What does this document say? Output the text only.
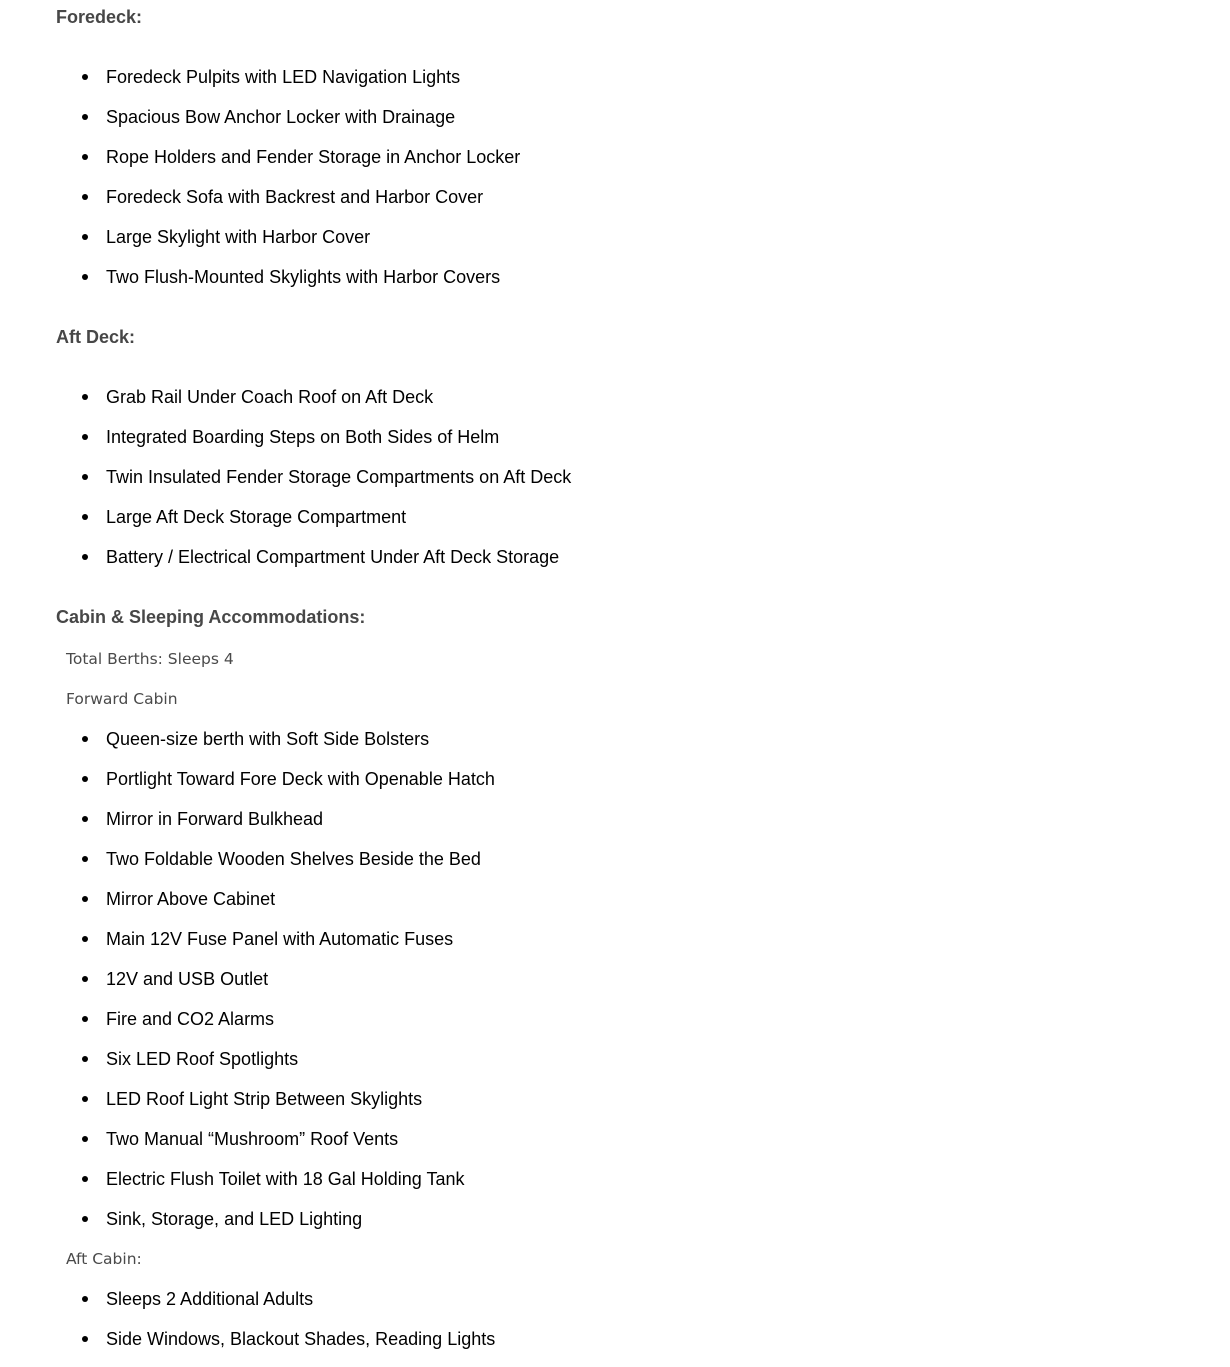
Foredeck:
Foredeck Pulpits with LED Navigation Lights
Spacious Bow Anchor Locker with Drainage
Rope Holders and Fender Storage in Anchor Locker
Foredeck Sofa with Backrest and Harbor Cover
Large Skylight with Harbor Cover
Two Flush-Mounted Skylights with Harbor Covers
Aft Deck:
Grab Rail Under Coach Roof on Aft Deck
Integrated Boarding Steps on Both Sides of Helm
Twin Insulated Fender Storage Compartments on Aft Deck
Large Aft Deck Storage Compartment
Battery / Electrical Compartment Under Aft Deck Storage
Cabin & Sleeping Accommodations:

Total Berths: Sleeps 4

Forward Cabin

Queen-size berth with Soft Side Bolsters
Portlight Toward Fore Deck with Openable Hatch
Mirror in Forward Bulkhead
Two Foldable Wooden Shelves Beside the Bed
Mirror Above Cabinet
Main 12V Fuse Panel with Automatic Fuses
12V and USB Outlet
Fire and CO2 Alarms
Six LED Roof Spotlights
LED Roof Light Strip Between Skylights
Two Manual “Mushroom” Roof Vents
Electric Flush Toilet with 18 Gal Holding Tank
Sink, Storage, and LED Lighting

Aft Cabin:

Sleeps 2 Additional Adults
Side Windows, Blackout Shades, Reading Lights
